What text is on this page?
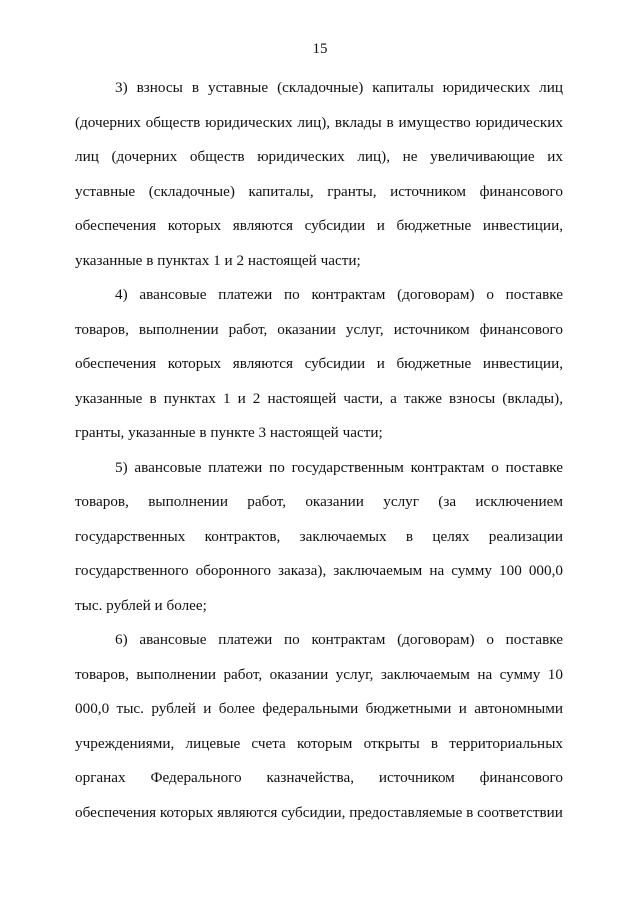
15

3) взносы в уставные (складочные) капиталы юридических лиц (дочерних обществ юридических лиц), вклады в имущество юридических лиц (дочерних обществ юридических лиц), не увеличивающие их уставные (складочные) капиталы, гранты, источником финансового обеспечения которых являются субсидии и бюджетные инвестиции, указанные в пунктах 1 и 2 настоящей части;

4) авансовые платежи по контрактам (договорам) о поставке товаров, выполнении работ, оказании услуг, источником финансового обеспечения которых являются субсидии и бюджетные инвестиции, указанные в пунктах 1 и 2 настоящей части, а также взносы (вклады), гранты, указанные в пункте 3 настоящей части;

5) авансовые платежи по государственным контрактам о поставке товаров, выполнении работ, оказании услуг (за исключением государственных контрактов, заключаемых в целях реализации государственного оборонного заказа), заключаемым на сумму 100 000,0 тыс. рублей и более;

6) авансовые платежи по контрактам (договорам) о поставке товаров, выполнении работ, оказании услуг, заключаемым на сумму 10 000,0 тыс. рублей и более федеральными бюджетными и автономными учреждениями, лицевые счета которым открыты в территориальных органах Федерального казначейства, источником финансового обеспечения которых являются субсидии, предоставляемые в соответствии
